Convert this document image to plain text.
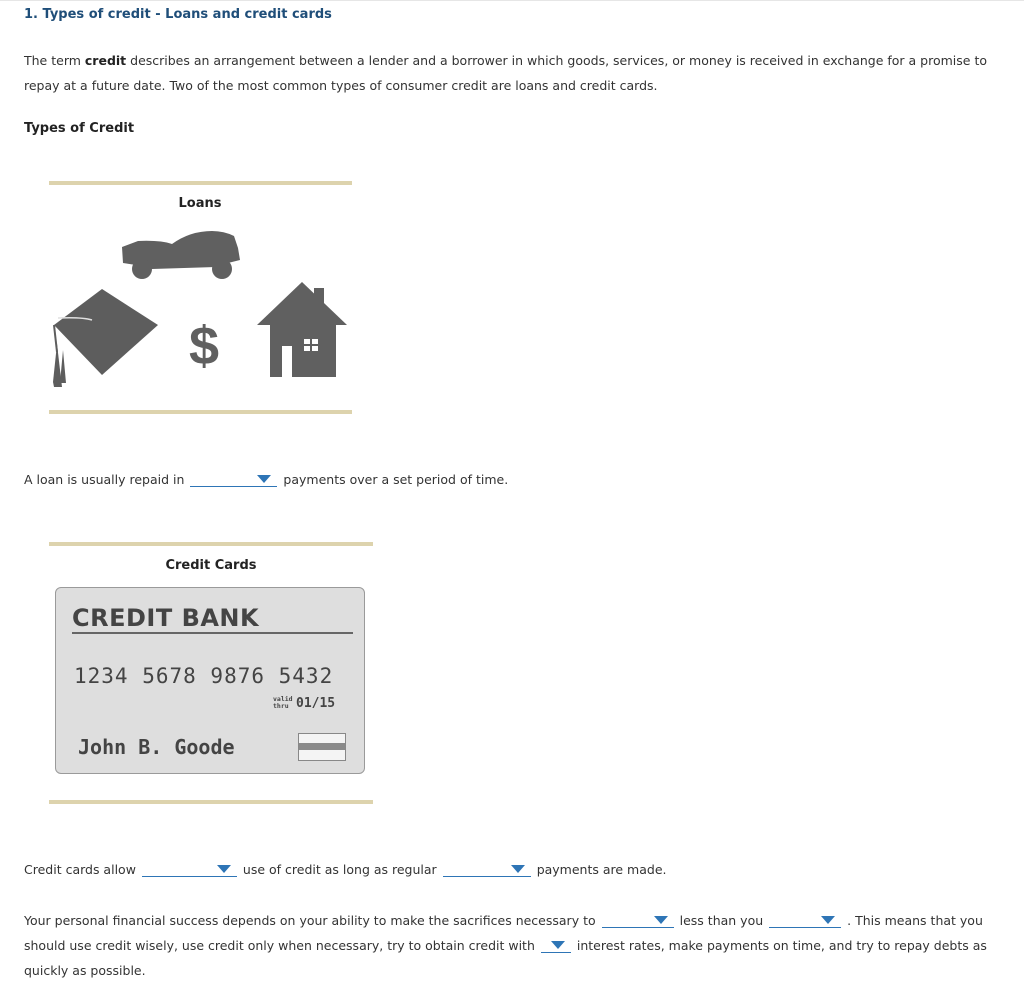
1. Types of credit - Loans and credit cards
The term credit describes an arrangement between a lender and a borrower in which goods, services, or money is received in exchange for a promise to repay at a future date. Two of the most common types of consumer credit are loans and credit cards.
Types of Credit
Loans
$
A loan is usually repaid in	payments over a set period of time.
Credit Cards
CREDIT BANK
1234 5678 9876 5432
valid
thru 01/15
John B. Goode
Credit cards allow	use of credit as long as regular	payments are made.
Your personal financial success depends on your ability to make the sacrifices necessary to	less than you	. This means that you should use credit wisely, use credit only when necessary, try to obtain credit with	interest rates, make payments on time, and try to repay debts as quickly as possible.
